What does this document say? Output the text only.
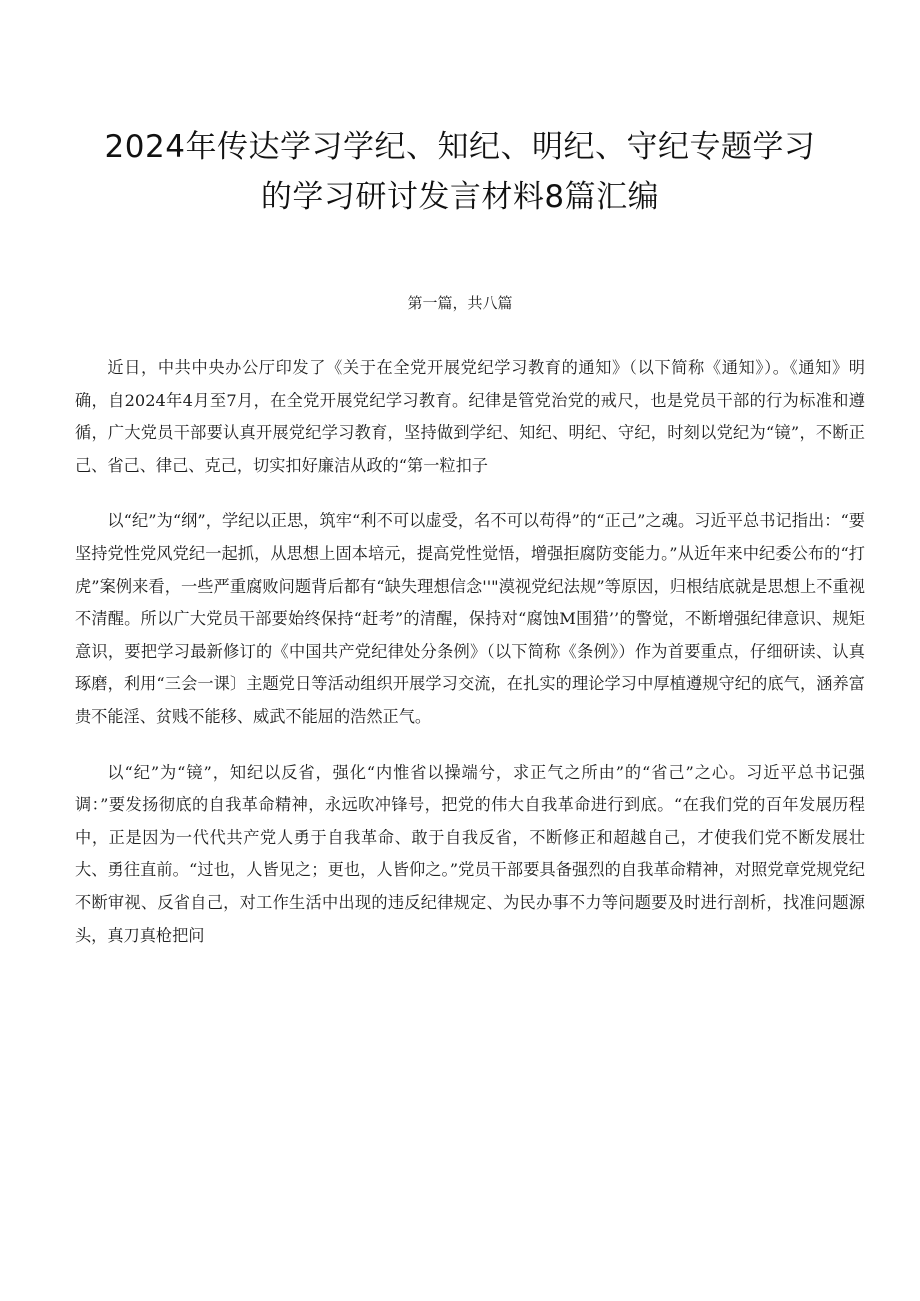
2024年传达学习学纪、知纪、明纪、守纪专题学习
的学习研讨发言材料8篇汇编
第一篇，共八篇

近日，中共中央办公厅印发了《关于在全党开展党纪学习教育的通知》（以下简称《通知》）。《通知》明确，自2024年4月至7月，在全党开展党纪学习教育。纪律是管党治党的戒尺，也是党员干部的行为标准和遵循，广大党员干部要认真开展党纪学习教育，坚持做到学纪、知纪、明纪、守纪，时刻以党纪为“镜”，不断正己、省己、律己、克己，切实扣好廉洁从政的“第一粒扣子

以“纪”为“纲”，学纪以正思，筑牢“利不可以虚受，名不可以苟得”的“正己”之魂。习近平总书记指出：“要坚持党性党风党纪一起抓，从思想上固本培元，提高党性觉悟，增强拒腐防变能力。”从近年来中纪委公布的“打虎”案例来看，一些严重腐败问题背后都有“缺失理想信念''"漠视党纪法规”等原因，归根结底就是思想上不重视不清醒。所以广大党员干部要始终保持“赶考”的清醒，保持对“腐蚀M围猎’’的警觉，不断增强纪律意识、规矩意识，要把学习最新修订的《中国共产党纪律处分条例》（以下简称《条例》）作为首要重点，仔细研读、认真琢磨，利用“三会一课〕主题党日等活动组织开展学习交流，在扎实的理论学习中厚植遵规守纪的底气，涵养富贵不能淫、贫贱不能移、威武不能屈的浩然正气。

以“纪”为“镜”，知纪以反省，强化“内惟省以操端兮，求正气之所由”的“省己”之心。习近平总书记强调：”要发扬彻底的自我革命精神，永远吹冲锋号，把党的伟大自我革命进行到底。“在我们党的百年发展历程中，正是因为一代代共产党人勇于自我革命、敢于自我反省，不断修正和超越自己，才使我们党不断发展壮大、勇往直前。“过也，人皆见之；更也，人皆仰之。”党员干部要具备强烈的自我革命精神，对照党章党规党纪不断审视、反省自己，对工作生活中出现的违反纪律规定、为民办事不力等问题要及时进行剖析，找准问题源头，真刀真枪把问
